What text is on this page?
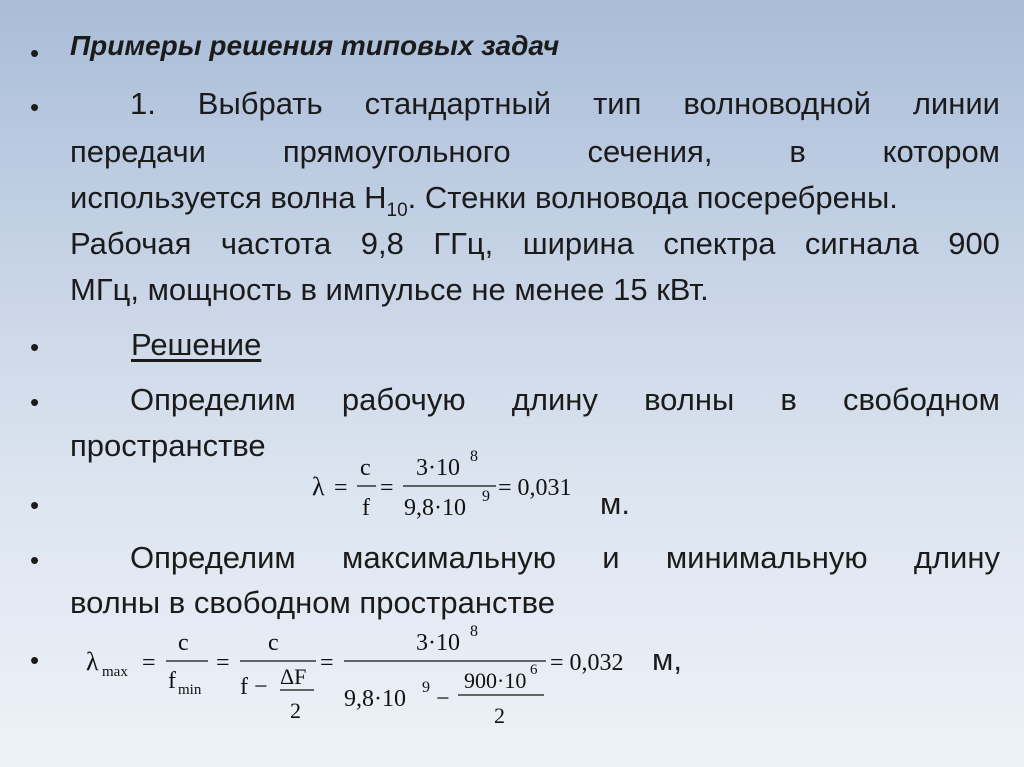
•
•
•
•
•
•
•
Примеры решения типовых задач
1. Выбрать стандартный тип волноводной линии
передачи прямоугольного сечения, в котором
используется волна $H_{10}$. Стенки волновода посеребрены.
Рабочая частота 9,8 ГГц, ширина спектра сигнала 900
МГц, мощность в импульсе не менее 15 кВт.
Решение
Определим рабочую длину волны в свободном
пространстве
λ =
c
f
=
3·10 8
9,8·10 9 = 0,031 м.
Определим максимальную и минимальную длину
волны в свободном пространстве
λ max =
c
f min
=
c
f − ΔF
2
=
3·10 8
9,8·10 9 −
900·10 6
2
= 0,032 м,
